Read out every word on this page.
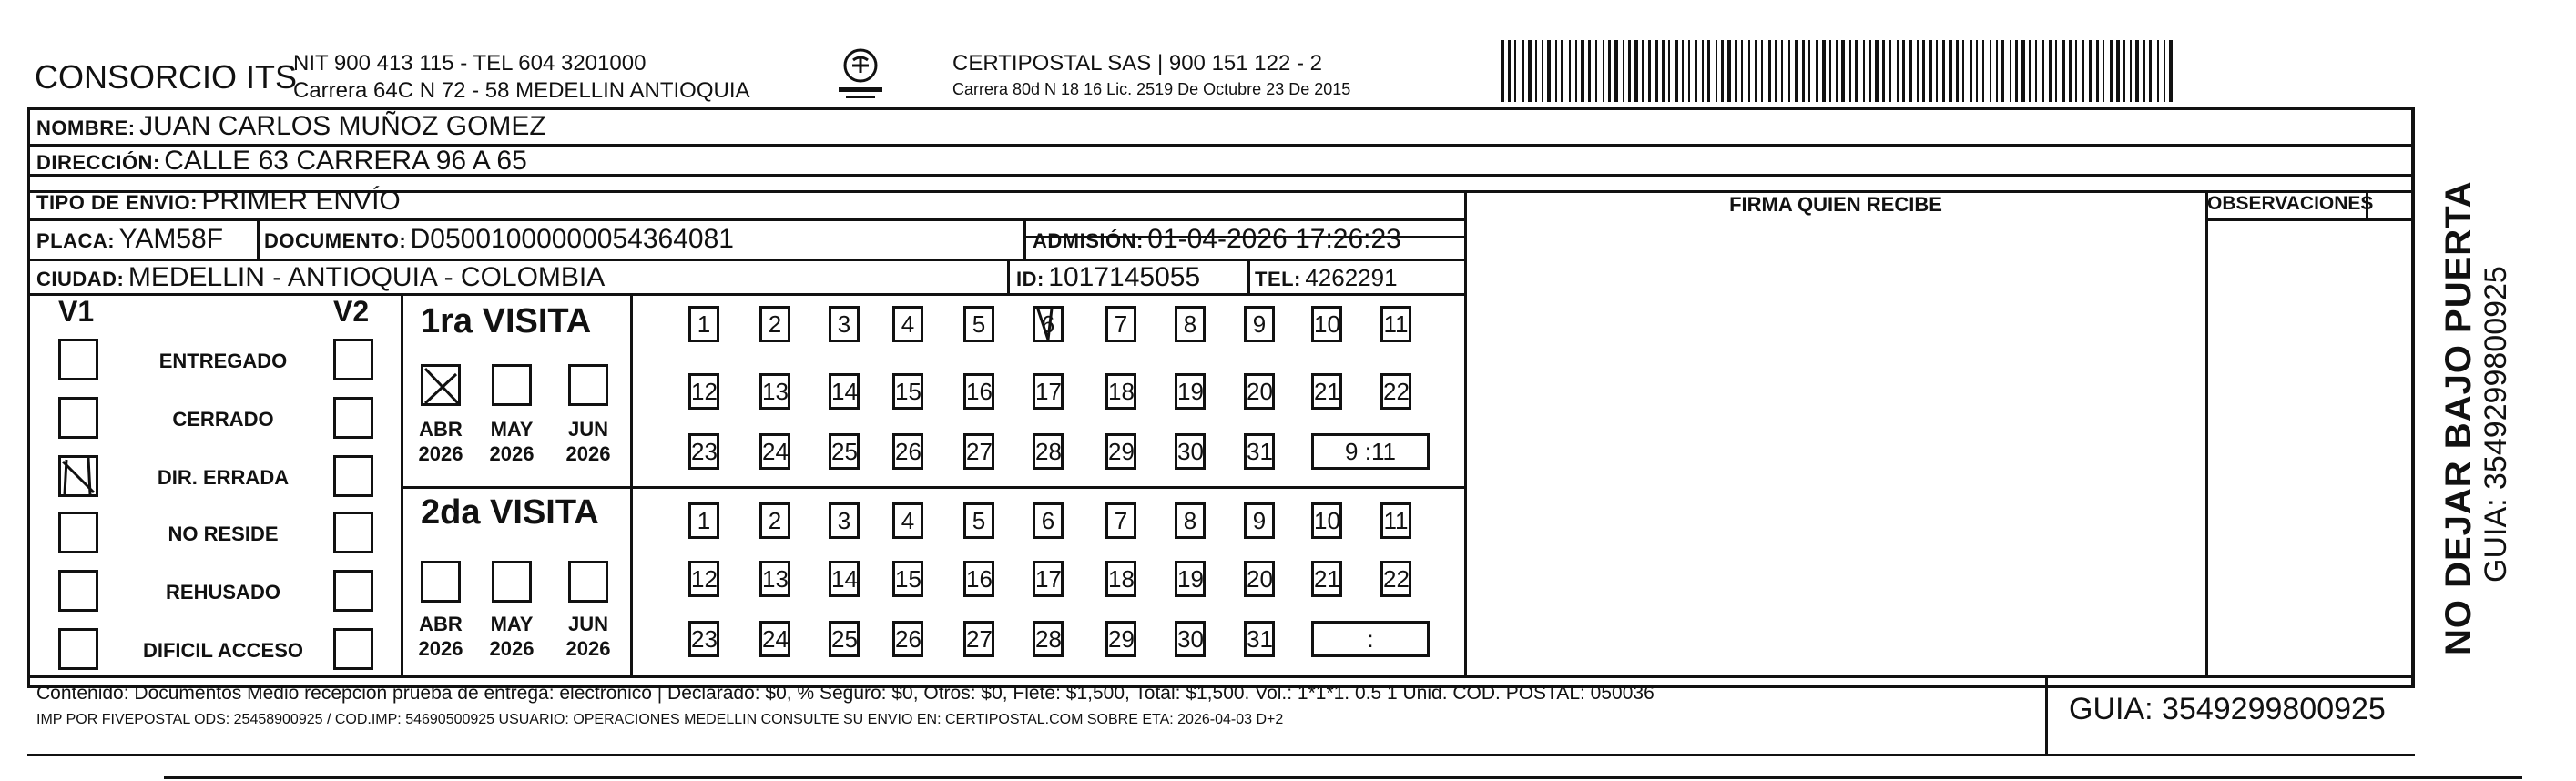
CONSORCIO ITS
NIT 900 413 115 - TEL 604 3201000
Carrera 64C N 72 - 58 MEDELLIN ANTIOQUIA
CERTIPOSTAL SAS | 900 151 122 - 2
Carrera 80d N 18 16 Lic. 2519 De Octubre 23 De 2015
NOMBRE: JUAN CARLOS MUÑOZ GOMEZ
DIRECCIÓN: CALLE 63 CARRERA 96 A 65
TIPO DE ENVIO: PRIMER ENVÍO	FIRMA QUIEN RECIBE	OBSERVACIONES
PLACA: YAM58F DOCUMENTO: D05001000000054364081	ADMISIÓN: 01-04-2026 17:26:23
CIUDAD: MEDELLIN - ANTIOQUIA - COLOMBIA	ID: 1017145055	TEL: 4262291
V1	V2
ENTREGADO
CERRADO
DIR. ERRADA
NO RESIDE
REHUSADO
DIFICIL ACCESO
1ra VISITA
2da VISITA
1	2	3	4	5	6	7	8	9	10 11
12 13 14 15 16 17 18 19 20 21 22
23 24 25 26 27 28 29 30 31	9 :11
1	2	3	4	5	6	7	8	9	10 11
12 13 14 15 16 17 18 19 20 21 22
23 24 25 26 27 28 29 30 31	:
ABR
2026
MAY
2026
JUN
2026
ABR
2026
MAY
2026
JUN
2026
Contenido: Documentos Medio recepción prueba de entrega: electrónico | Declarado: $0, % Seguro: $0, Otros: $0, Flete: $1,500, Total: $1,500. Vol.: 1*1*1. 0.5 1 Unid. COD. POSTAL: 050036
IMP POR FIVEPOSTAL ODS: 25458900925 / COD.IMP: 54690500925 USUARIO: OPERACIONES MEDELLIN CONSULTE SU ENVIO EN: CERTIPOSTAL.COM SOBRE ETA: 2026-04-03 D+2	GUIA: 3549299800925
NO DEJAR BAJO PUERTA GUIA: 3549299800925
